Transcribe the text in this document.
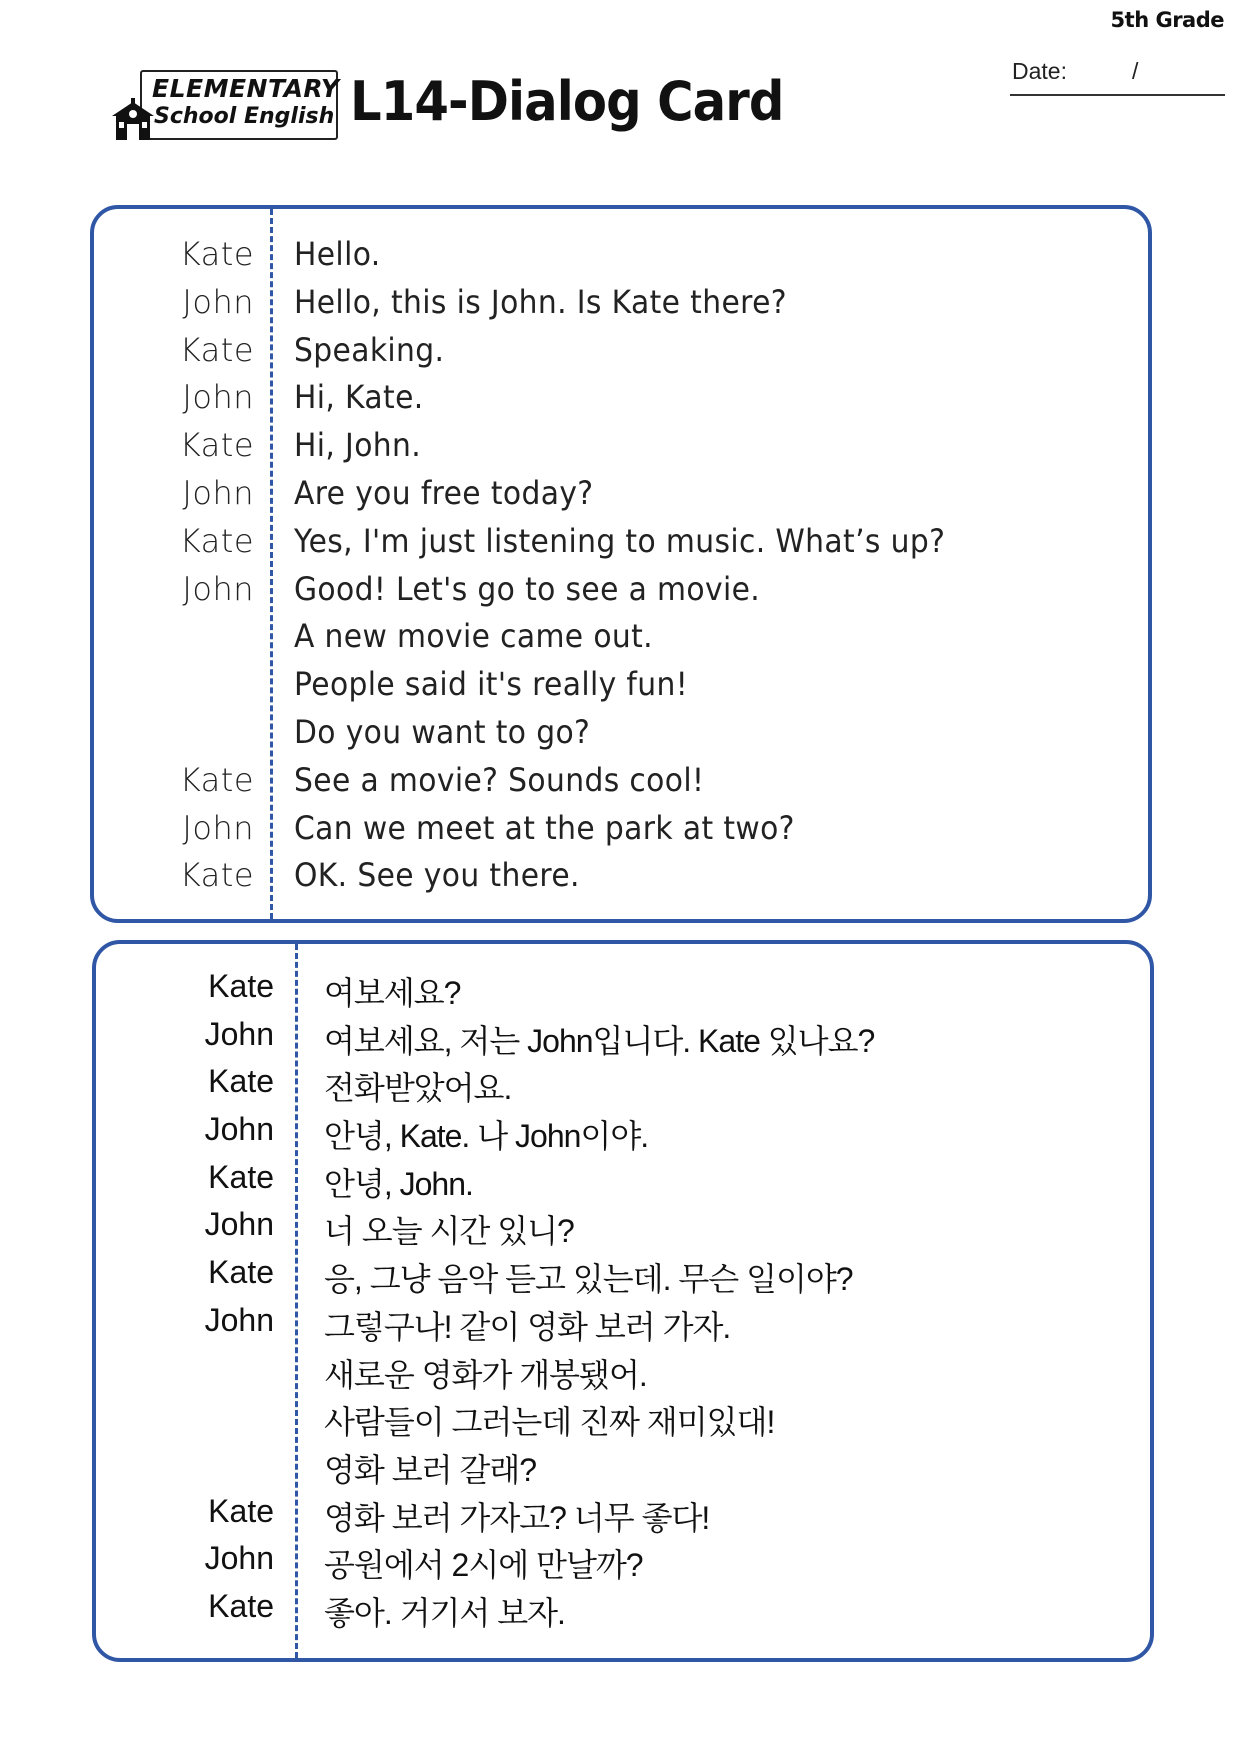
5th Grade
Date:	/
ELEMENTARY
School English L14-Dialog Card
Kate Hello.
John Hello, this is John. Is Kate there?
Kate Speaking.
John Hi, Kate.
Kate Hi, John.
John Are you free today?
Kate Yes, I'm just listening to music. What’s up?
John Good! Let's go to see a movie.
A new movie came out.
People said it's really fun!
Do you want to go?
Kate See a movie? Sounds cool!
John Can we meet at the park at two?
Kate OK. See you there.
Kate 여보세요?
John 여보세요, 저는 John입니다. Kate 있나요?
Kate 전화받았어요.
John 안녕, Kate. 나 John이야.
Kate 안녕, John.
John 너 오늘 시간 있니?
Kate 응, 그냥 음악 듣고 있는데. 무슨 일이야?
John 그렇구나! 같이 영화 보러 가자.
새로운 영화가 개봉됐어.
사람들이 그러는데 진짜 재미있대!
영화 보러 갈래?
Kate 영화 보러 가자고? 너무 좋다!
John 공원에서 2시에 만날까?
Kate 좋아. 거기서 보자.
